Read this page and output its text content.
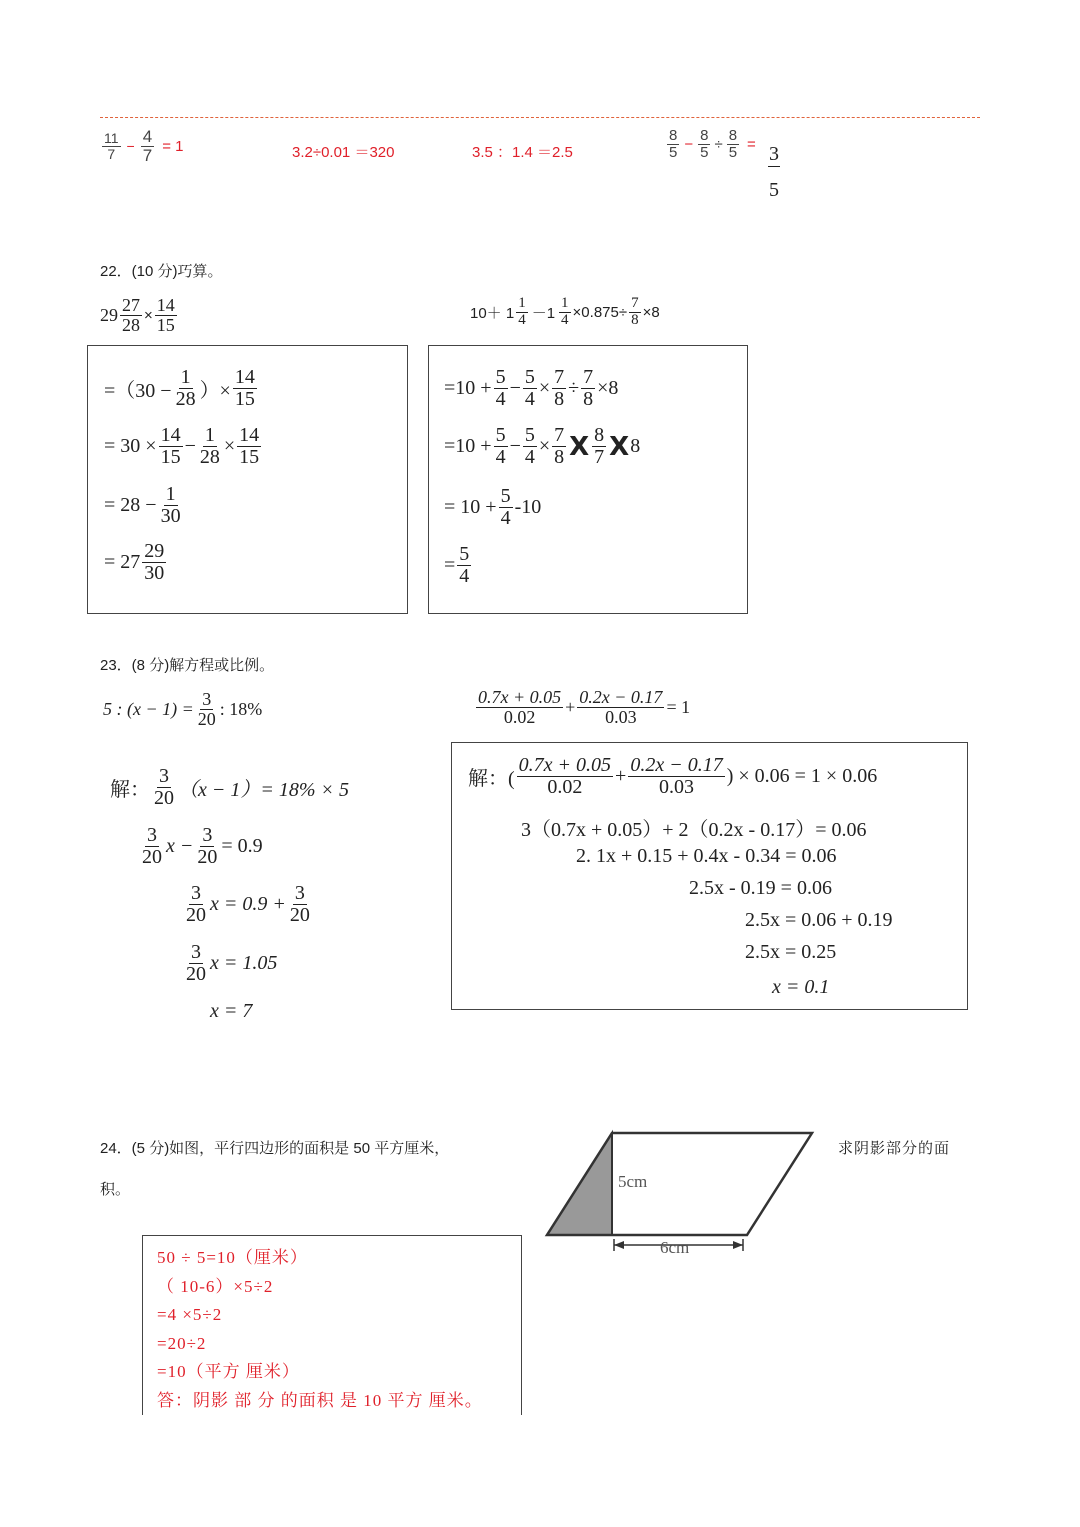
$\frac{11}{7} - \frac{4}{7} = 1$	3.2÷0.01 ＝320	3.5 ：1.4 ＝2.5	$\frac{8}{5} - \frac{8}{5} \div \frac{8}{5} = 3$
5
22．(10 分)巧算。
$29 \frac{27}{28} \times \frac{14}{15}$	$10+ 1 \frac{1}{4} -1 \frac{1}{4} \times 0.875\div \frac{7}{8} \times 8$
$=(30 - \frac{1}{28}$ ）× $\frac{14}{15}$
= $30 \times \frac{14}{15} - \frac{1}{28} \times \frac{14}{15}$
= $28 - \frac{1}{30}$
= $27 \frac{29}{30}$
$=10 + \frac{5}{4} - \frac{5}{4} \times \frac{7}{8} \div \frac{7}{8} \times 8$
$=10 + \frac{5}{4} - \frac{5}{4} \times \frac{7}{8}$ X $\frac{8}{7}$ X 8
= $10 + \frac{5}{4} -10$
= $\frac{5}{4}$
23．(8 分)解方程或比例。
5 : $(x - 1) = \frac{3}{20}$ : 18%	$\frac{0.7x + 0.05}{0.02} + \frac{0.2x - 0.17}{0.03} = 1$
解： $\frac{3}{20} (x - 1)= 18\% \times 5$
$\frac{3}{20}$ $x - \frac{3}{20} = 0.9$
$\frac{3}{20}$ $x = 0.9 + \frac{3}{20}$
$\frac{3}{20}$ x = 1.05
x = 7
解：( $\frac{0.7x + 0.05}{0.02} + \frac{0.2x - 0.17}{0.03}$ ) × 0.06 = 1 × 0.06
3（0.7x + 0.05）+ 2（0.2x - 0.17）= 0.06
2. 1x + 0.15 + 0.4x - 0.34 = 0.06
2.5x - 0.19 = 0.06
2.5x = 0.06 + 0.19
2.5x = 0.25
x = 0.1
24．(5 分)如图，平行四边形的面积是 50 平方厘米，	求阴影部分的面
积。	5cm
6cm
50 ÷ 5=10（厘米）
（ 10-6）×5÷2
=4 ×5÷2
=20÷2
=10（平方 厘米）
答：阴影 部 分 的面积 是 10 平方 厘米。
